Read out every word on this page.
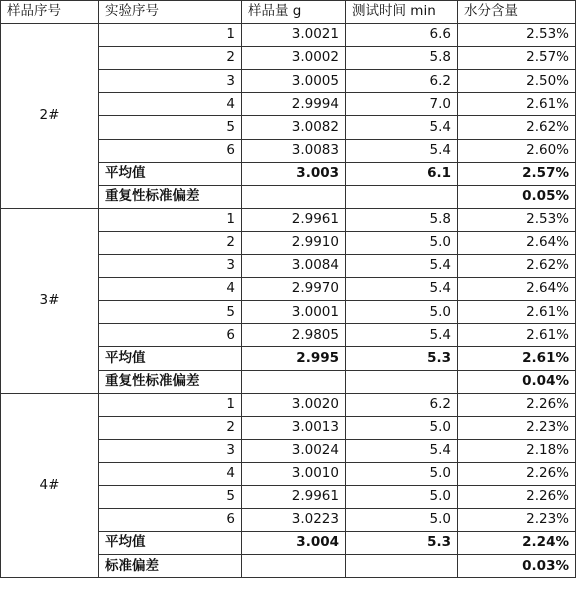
样品序号	实验序号	样品量 g	测试时间 min	水分含量
2#	1	3.0021	6.6	2.53%
	2	3.0002	5.8	2.57%
	3	3.0005	6.2	2.50%
	4	2.9994	7.0	2.61%
	5	3.0082	5.4	2.62%
	6	3.0083	5.4	2.60%
	平均值	3.003	6.1	2.57%
	重复性标准偏差			0.05%
3#	1	2.9961	5.8	2.53%
	2	2.9910	5.0	2.64%
	3	3.0084	5.4	2.62%
	4	2.9970	5.4	2.64%
	5	3.0001	5.0	2.61%
	6	2.9805	5.4	2.61%
	平均值	2.995	5.3	2.61%
	重复性标准偏差			0.04%
4#	1	3.0020	6.2	2.26%
	2	3.0013	5.0	2.23%
	3	3.0024	5.4	2.18%
	4	3.0010	5.0	2.26%
	5	2.9961	5.0	2.26%
	6	3.0223	5.0	2.23%
	平均值	3.004	5.3	2.24%
	标准偏差			0.03%
